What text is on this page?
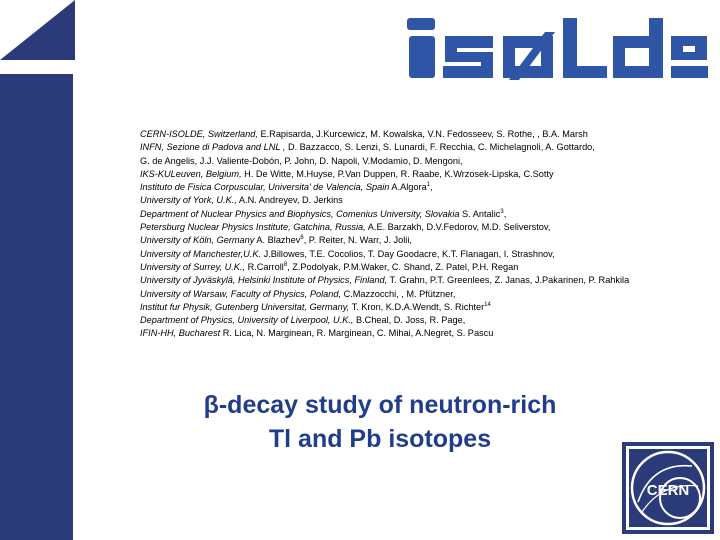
CERN-ISOLDE, Switzerland, E.Rapisarda, J.Kurcewicz, M. Kowalska, V.N. Fedosseev, S. Rothe, , B.A. Marsh
INFN, Sezione di Padova and LNL , D. Bazzacco, S. Lenzi, S. Lunardi, F. Recchia, C. Michelagnoli, A. Gottardo,
G. de Angelis, J.J. Valiente-Dobón, P. John, D. Napoli, V.Modamio, D. Mengoni,
IKS-KULeuven, Belgium, H. De Witte, M.Huyse, P.Van Duppen, R. Raabe, K.Wrzosek-Lipska, C.Sotty
Instituto de Fisica Corpuscular, Universita’ de Valencia, Spain A.Algora$^1$,
University of York, U.K., A.N. Andreyev, D. Jerkins
Department of Nuclear Physics and Biophysics, Comenius University, Slovakia S. Antalic$^3$,
Petersburg Nuclear Physics Institute, Gatchina, Russia, A.E. Barzakh, D.V.Fedorov, M.D. Seliverstov,
University of Köln, Germany A. Blazhev$^6$, P. Reiter, N. Warr, J. Jolii,
University of Manchester,U.K. J.Billowes, T.E. Cocolios, T. Day Goodacre, K.T. Flanagan, I. Strashnov,
University of Surrey, U.K., R.Carroll$^8$, Z.Podolyak, P.M.Waker, C. Shand, Z. Patel, P.H. Regan
University of Jyväskylä, Helsinki Institute of Physics, Finland, T. Grahn, P.T. Greenlees, Z. Janas, J.Pakarinen, P. Rahkila
University of Warsaw, Faculty of Physics, Poland, C.Mazzocchi, , M. Pfützner,
Institut fur Physik, Gutenberg Universitat, Germany, T. Kron, K.D.A.Wendt, S. Richter$^{14}$
Department of Physics, University of Liverpool, U.K., B.Cheal, D. Joss, R. Page,
IFIN-HH, Bucharest R. Lica, N. Marginean, R. Marginean, C. Mihai, A.Negret, S. Pascu
β-decay study of neutron-rich
Tl and Pb isotopes
CERN
